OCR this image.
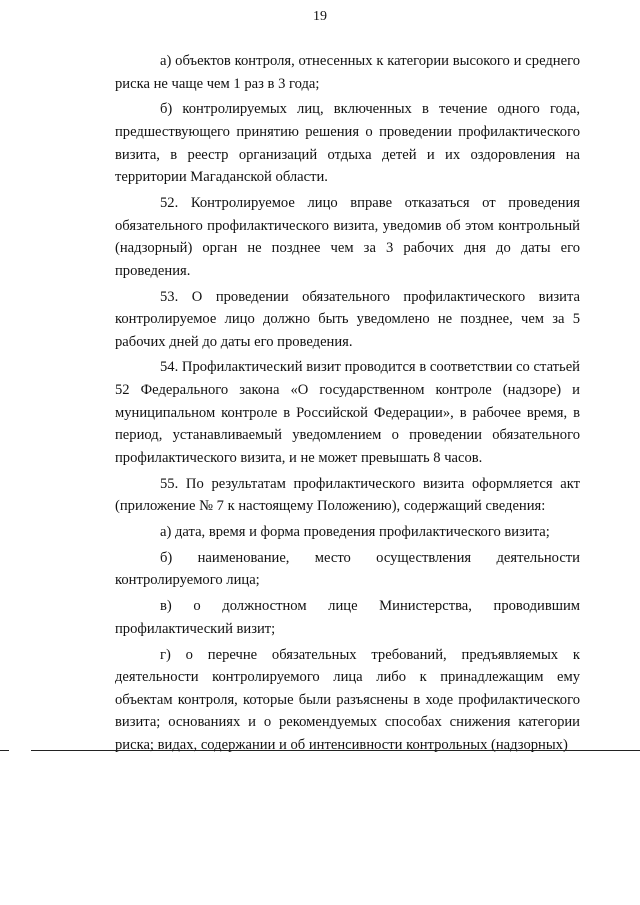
19

а) объектов контроля, отнесенных к категории высокого и среднего риска не чаще чем 1 раз в 3 года;

б) контролируемых лиц, включенных в течение одного года, предшествующего принятию решения о проведении профилактического визита, в реестр организаций отдыха детей и их оздоровления на территории Магаданской области.

52. Контролируемое лицо вправе отказаться от проведения обязательного профилактического визита, уведомив об этом контрольный (надзорный) орган не позднее чем за 3 рабочих дня до даты его проведения.

53. О проведении обязательного профилактического визита контролируемое лицо должно быть уведомлено не позднее, чем за 5 рабочих дней до даты его проведения.

54. Профилактический визит проводится в соответствии со статьей 52 Федерального закона «О государственном контроле (надзоре) и муниципальном контроле в Российской Федерации», в рабочее время, в период, устанавливаемый уведомлением о проведении обязательного профилактического визита, и не может превышать 8 часов.

55. По результатам профилактического визита оформляется акт (приложение № 7 к настоящему Положению), содержащий сведения:

а) дата, время и форма проведения профилактического визита;

б) наименование, место осуществления деятельности контролируемого лица;

в) о должностном лице Министерства, проводившим профилактический визит;

г) о перечне обязательных требований, предъявляемых к деятельности контролируемого лица либо к принадлежащим ему объектам контроля, которые были разъяснены в ходе профилактического визита; основаниях и о рекомендуемых способах снижения категории риска; видах, содержании и об интенсивности контрольных (надзорных)
